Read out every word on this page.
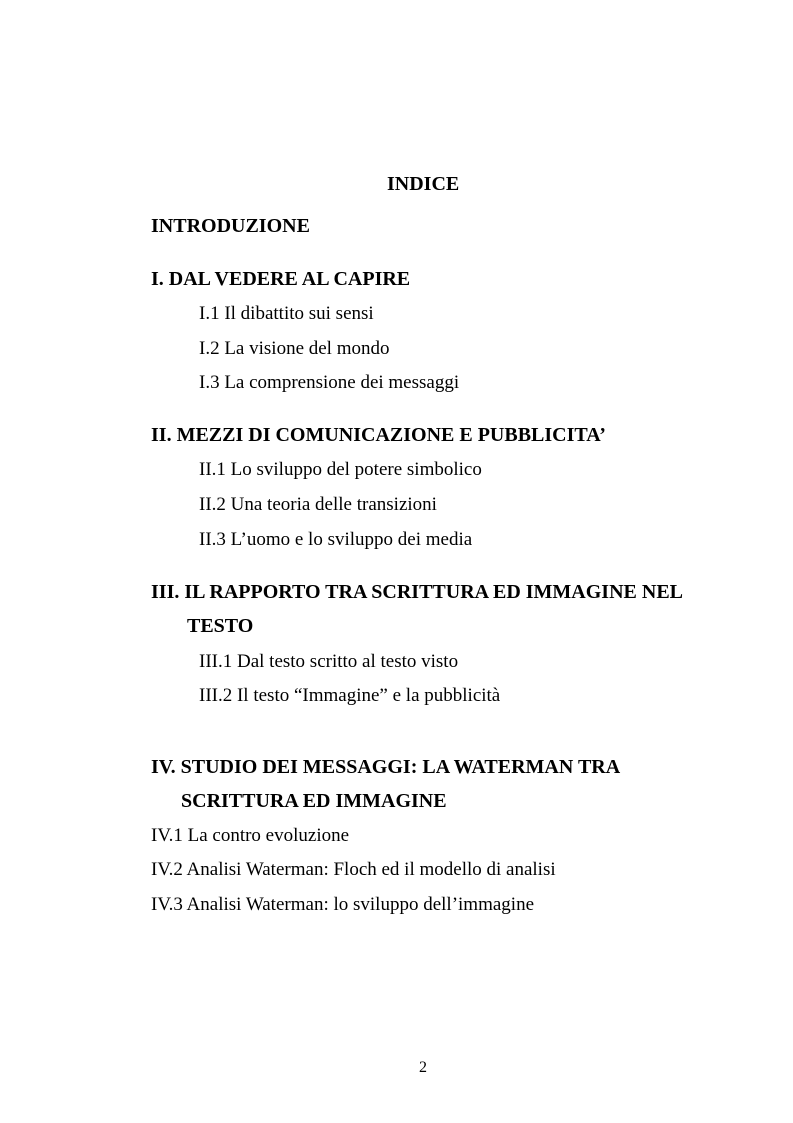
INDICE
INTRODUZIONE
I. DAL VEDERE AL CAPIRE
I.1 Il dibattito sui sensi
I.2 La visione del mondo
I.3 La comprensione dei messaggi
II. MEZZI DI COMUNICAZIONE E PUBBLICITA’
II.1 Lo sviluppo del potere simbolico
II.2 Una teoria delle transizioni
II.3 L’uomo e lo sviluppo dei media
III. IL RAPPORTO TRA SCRITTURA ED IMMAGINE NEL
TESTO
III.1 Dal testo scritto al testo visto
III.2 Il testo “Immagine” e la pubblicità
IV. STUDIO DEI MESSAGGI: LA WATERMAN TRA
SCRITTURA ED IMMAGINE
IV.1 La contro evoluzione
IV.2 Analisi Waterman: Floch ed il modello di analisi
IV.3 Analisi Waterman: lo sviluppo dell’immagine
2
